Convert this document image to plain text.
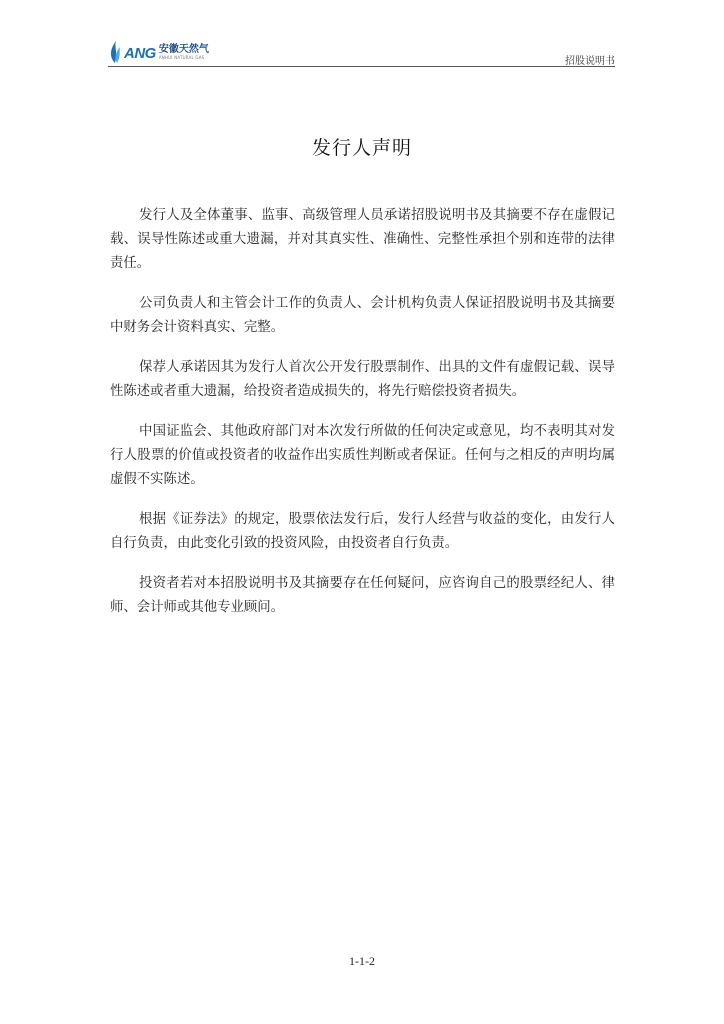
ANG 安徽天然气
ANHUI NATURAL GAS	招股说明书
发行人声明

发行人及全体董事、监事、高级管理人员承诺招股说明书及其摘要不存在虚假记载、误导性陈述或重大遗漏，并对其真实性、准确性、完整性承担个别和连带的法律责任。

公司负责人和主管会计工作的负责人、会计机构负责人保证招股说明书及其摘要中财务会计资料真实、完整。

保荐人承诺因其为发行人首次公开发行股票制作、出具的文件有虚假记载、误导性陈述或者重大遗漏，给投资者造成损失的，将先行赔偿投资者损失。

中国证监会、其他政府部门对本次发行所做的任何决定或意见，均不表明其对发行人股票的价值或投资者的收益作出实质性判断或者保证。任何与之相反的声明均属虚假不实陈述。

根据《证券法》的规定，股票依法发行后，发行人经营与收益的变化，由发行人自行负责，由此变化引致的投资风险，由投资者自行负责。

投资者若对本招股说明书及其摘要存在任何疑问，应咨询自己的股票经纪人、律师、会计师或其他专业顾问。

1-1-2
